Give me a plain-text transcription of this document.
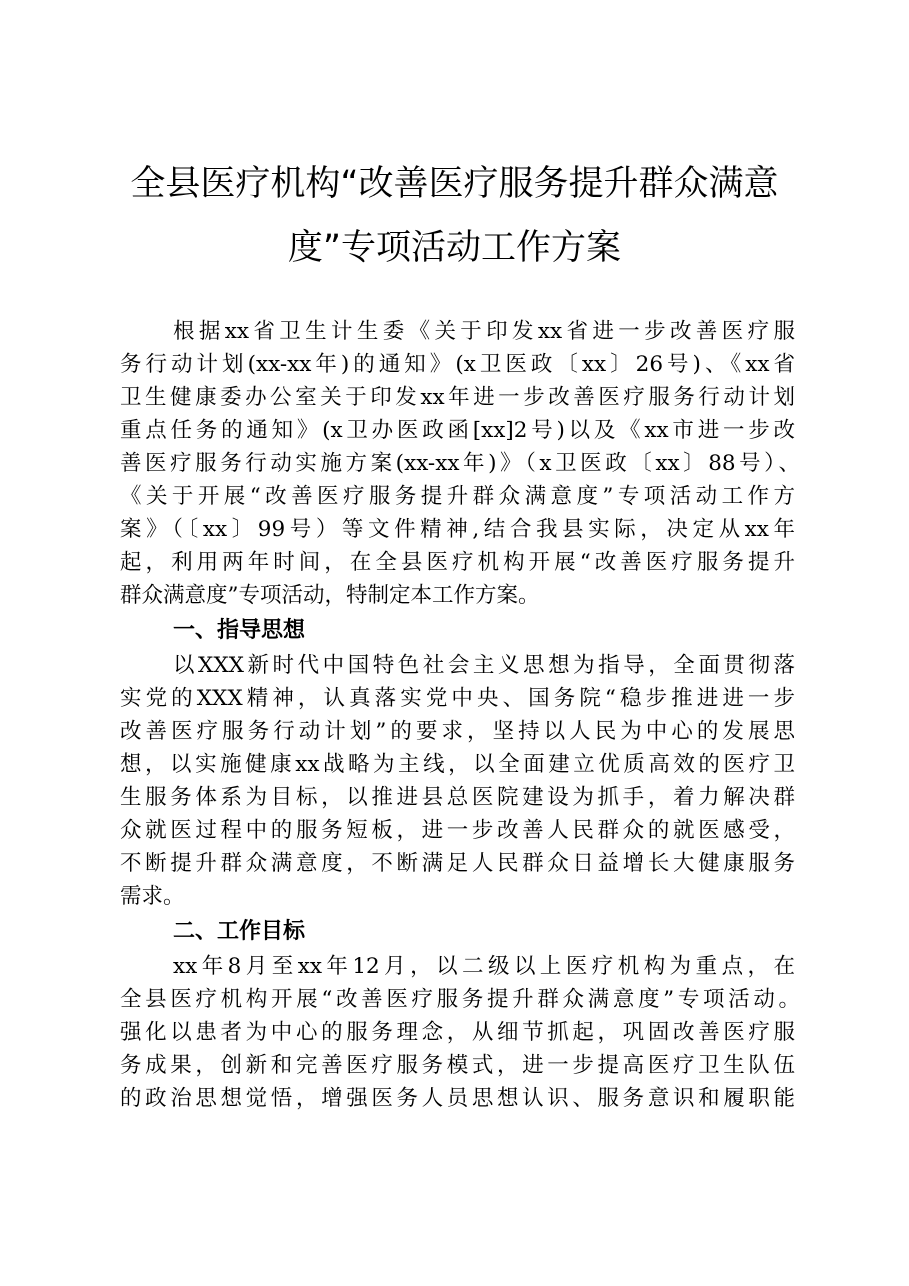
全县医疗机构“改善医疗服务提升群众满意
度”专项活动工作方案
根据xx省卫生计生委《关于印发xx省进一步改善医疗服
务行动计划(xx-xx年)的通知》(x卫医政〔xx〕26号)、《xx省
卫生健康委办公室关于印发xx年进一步改善医疗服务行动计划
重点任务的通知》(x卫办医政函[xx]2号)以及《xx市进一步改
善医疗服务行动实施方案(xx-xx年)》（x卫医政〔xx〕88号）、
《关于开展“改善医疗服务提升群众满意度”专项活动工作方
案》（〔xx〕99号）等文件精神,结合我县实际，决定从xx年
起，利用两年时间，在全县医疗机构开展“改善医疗服务提升
群众满意度”专项活动，特制定本工作方案。
一、指导思想
以XXX新时代中国特色社会主义思想为指导，全面贯彻落
实党的XXX精神，认真落实党中央、国务院“稳步推进进一步
改善医疗服务行动计划”的要求，坚持以人民为中心的发展思
想，以实施健康xx战略为主线，以全面建立优质高效的医疗卫
生服务体系为目标，以推进县总医院建设为抓手，着力解决群
众就医过程中的服务短板，进一步改善人民群众的就医感受，
不断提升群众满意度，不断满足人民群众日益增长大健康服务
需求。
二、工作目标
xx年8月至xx年12月，以二级以上医疗机构为重点，在
全县医疗机构开展“改善医疗服务提升群众满意度”专项活动。
强化以患者为中心的服务理念，从细节抓起，巩固改善医疗服
务成果，创新和完善医疗服务模式，进一步提高医疗卫生队伍
的政治思想觉悟，增强医务人员思想认识、服务意识和履职能
